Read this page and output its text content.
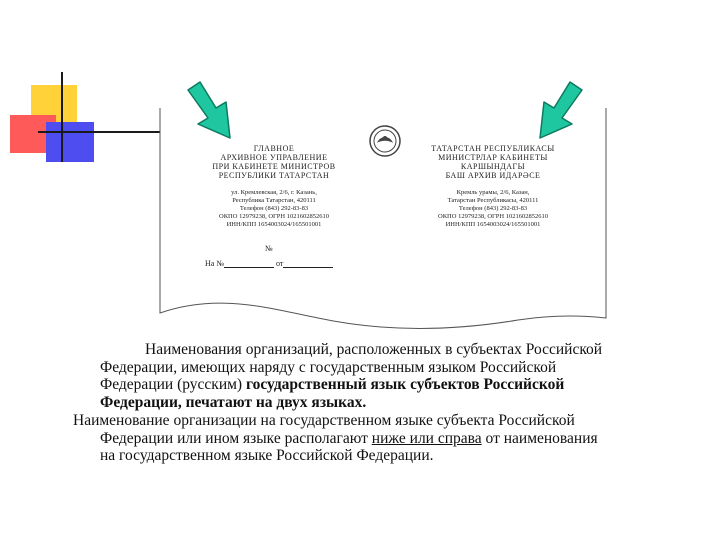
ГЛАВНОЕ
АРХИВНОЕ УПРАВЛЕНИЕ
ПРИ КАБИНЕТЕ МИНИСТРОВ
РЕСПУБЛИКИ ТАТАРСТАН
ул. Кремлевская, 2/6, г. Казань,
Республика Татарстан, 420111
Телефон (843) 292-83-83
ОКПО 12979238, ОГРН 1021602852610
ИНН/КПП 1654003024/165501001
ТАТАРСТАН РЕСПУБЛИКАСЫ
МИНИСТРЛАР КАБИНЕТЫ
КАРШЫНДАГЫ
БАШ АРХИВ ИДАРӘСЕ
Кремль урамы, 2/6, Казан,
Татарстан Республикасы, 420111
Телефон (843) 292-83-83
ОКПО 12979238, ОГРН 1021602852610
ИНН/КПП 1654003024/165501001
№
На №	от
Наименования организаций, расположенных в субъектах Российской
Федерации, имеющих наряду с государственным языком Российской
Федерации (русским) государственный язык субъектов Российской
Федерации, печатают на двух языках.
Наименование организации на государственном языке субъекта Российской
Федерации или ином языке располагают ниже или справа от наименования
на государственном языке Российской Федерации.
